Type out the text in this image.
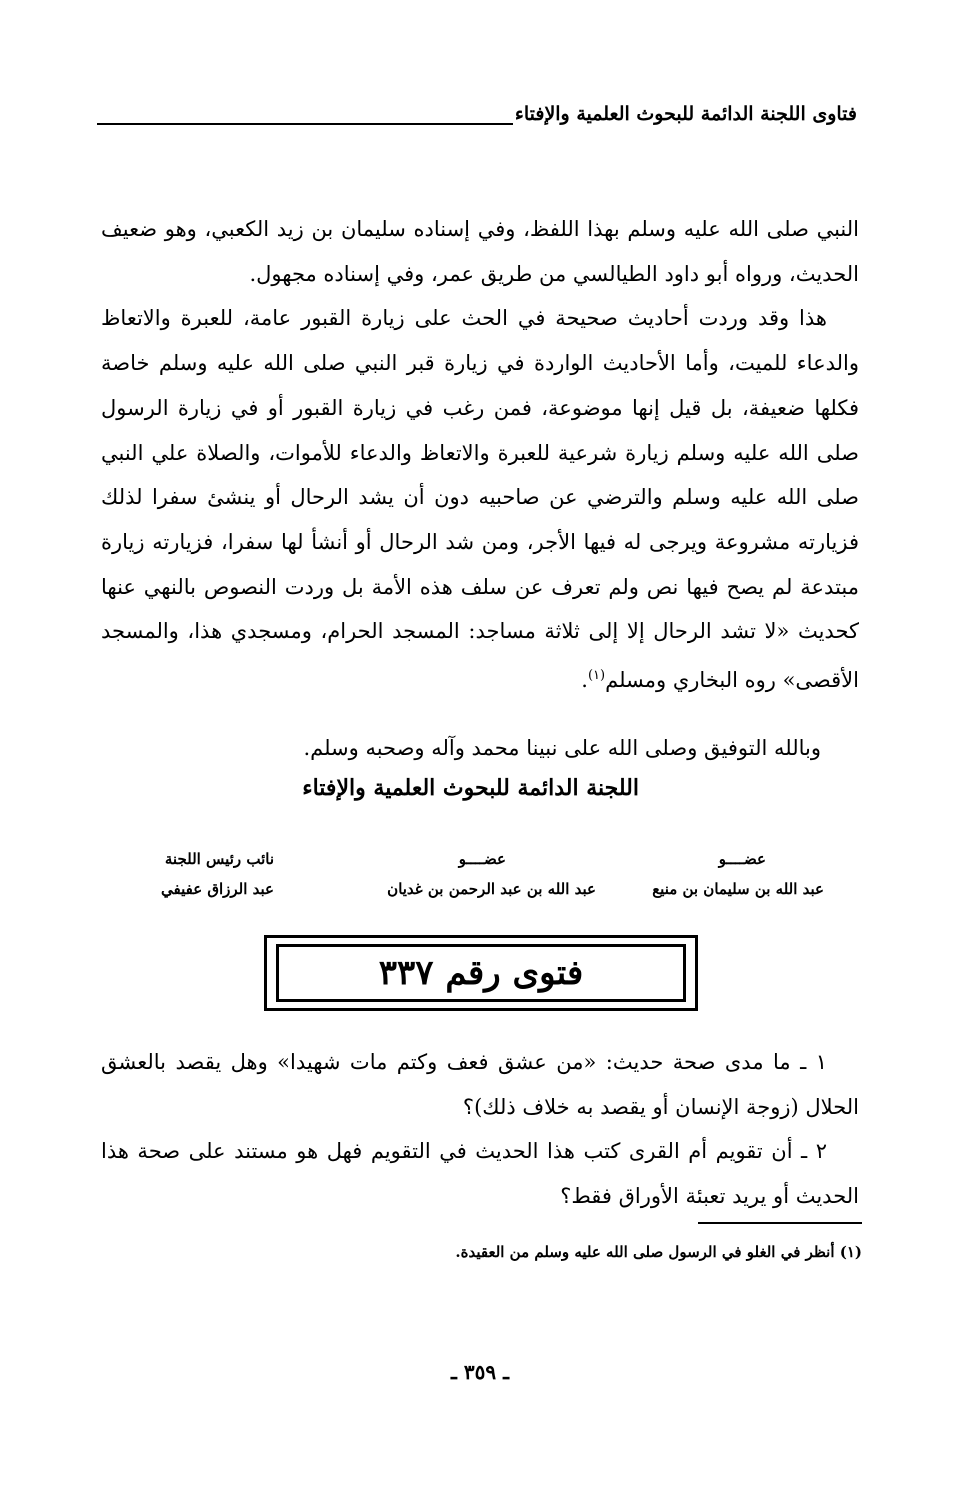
فتاوى اللجنة الدائمة للبحوث العلمية والإفتاء

النبي صلى الله عليه وسلم بهذا اللفظ، وفي إسناده سليمان بن زيد الكعبي، وهو ضعيف الحديث، ورواه أبو داود الطيالسي من طريق عمر، وفي إسناده مجهول.

هذا وقد وردت أحاديث صحيحة في الحث على زيارة القبور عامة، للعبرة والاتعاظ والدعاء للميت، وأما الأحاديث الواردة في زيارة قبر النبي صلى الله عليه وسلم خاصة فكلها ضعيفة، بل قيل إنها موضوعة، فمن رغب في زيارة القبور أو في زيارة الرسول صلى الله عليه وسلم زيارة شرعية للعبرة والاتعاظ والدعاء للأموات، والصلاة علي النبي صلى الله عليه وسلم والترضي عن صاحبيه دون أن يشد الرحال أو ينشئ سفرا لذلك فزيارته مشروعة ويرجى له فيها الأجر، ومن شد الرحال أو أنشأ لها سفرا، فزيارته زيارة مبتدعة لم يصح فيها نص ولم تعرف عن سلف هذه الأمة بل وردت النصوص بالنهي عنها كحديث «لا تشد الرحال إلا إلى ثلاثة مساجد: المسجد الحرام، ومسجدي هذا، والمسجد الأقصى» روه البخاري ومسلم$^{(١)}$.

وبالله التوفيق وصلى الله على نبينا محمد وآله وصحبه وسلم.
اللجنة الدائمة للبحوث العلمية والإفتاء
عضــــو
عبد الله بن سليمان بن منيع
عضــــو
عبد الله بن عبد الرحمن بن غديان
نائب رئيس اللجنة
عبد الرزاق عفيفي
فتوى رقم ٣٣٧

١ ـ ما مدى صحة حديث: «من عشق فعف وكتم مات شهيدا» وهل يقصد بالعشق الحلال (زوجة الإنسان أو يقصد به خلاف ذلك)؟

٢ ـ أن تقويم أم القرى كتب هذا الحديث في التقويم فهل هو مستند على صحة هذا الحديث أو يريد تعبئة الأوراق فقط؟

(١) أنظر في الغلو في الرسول صلى الله عليه وسلم من العقيدة.
ـ ٣٥٩ ـ
